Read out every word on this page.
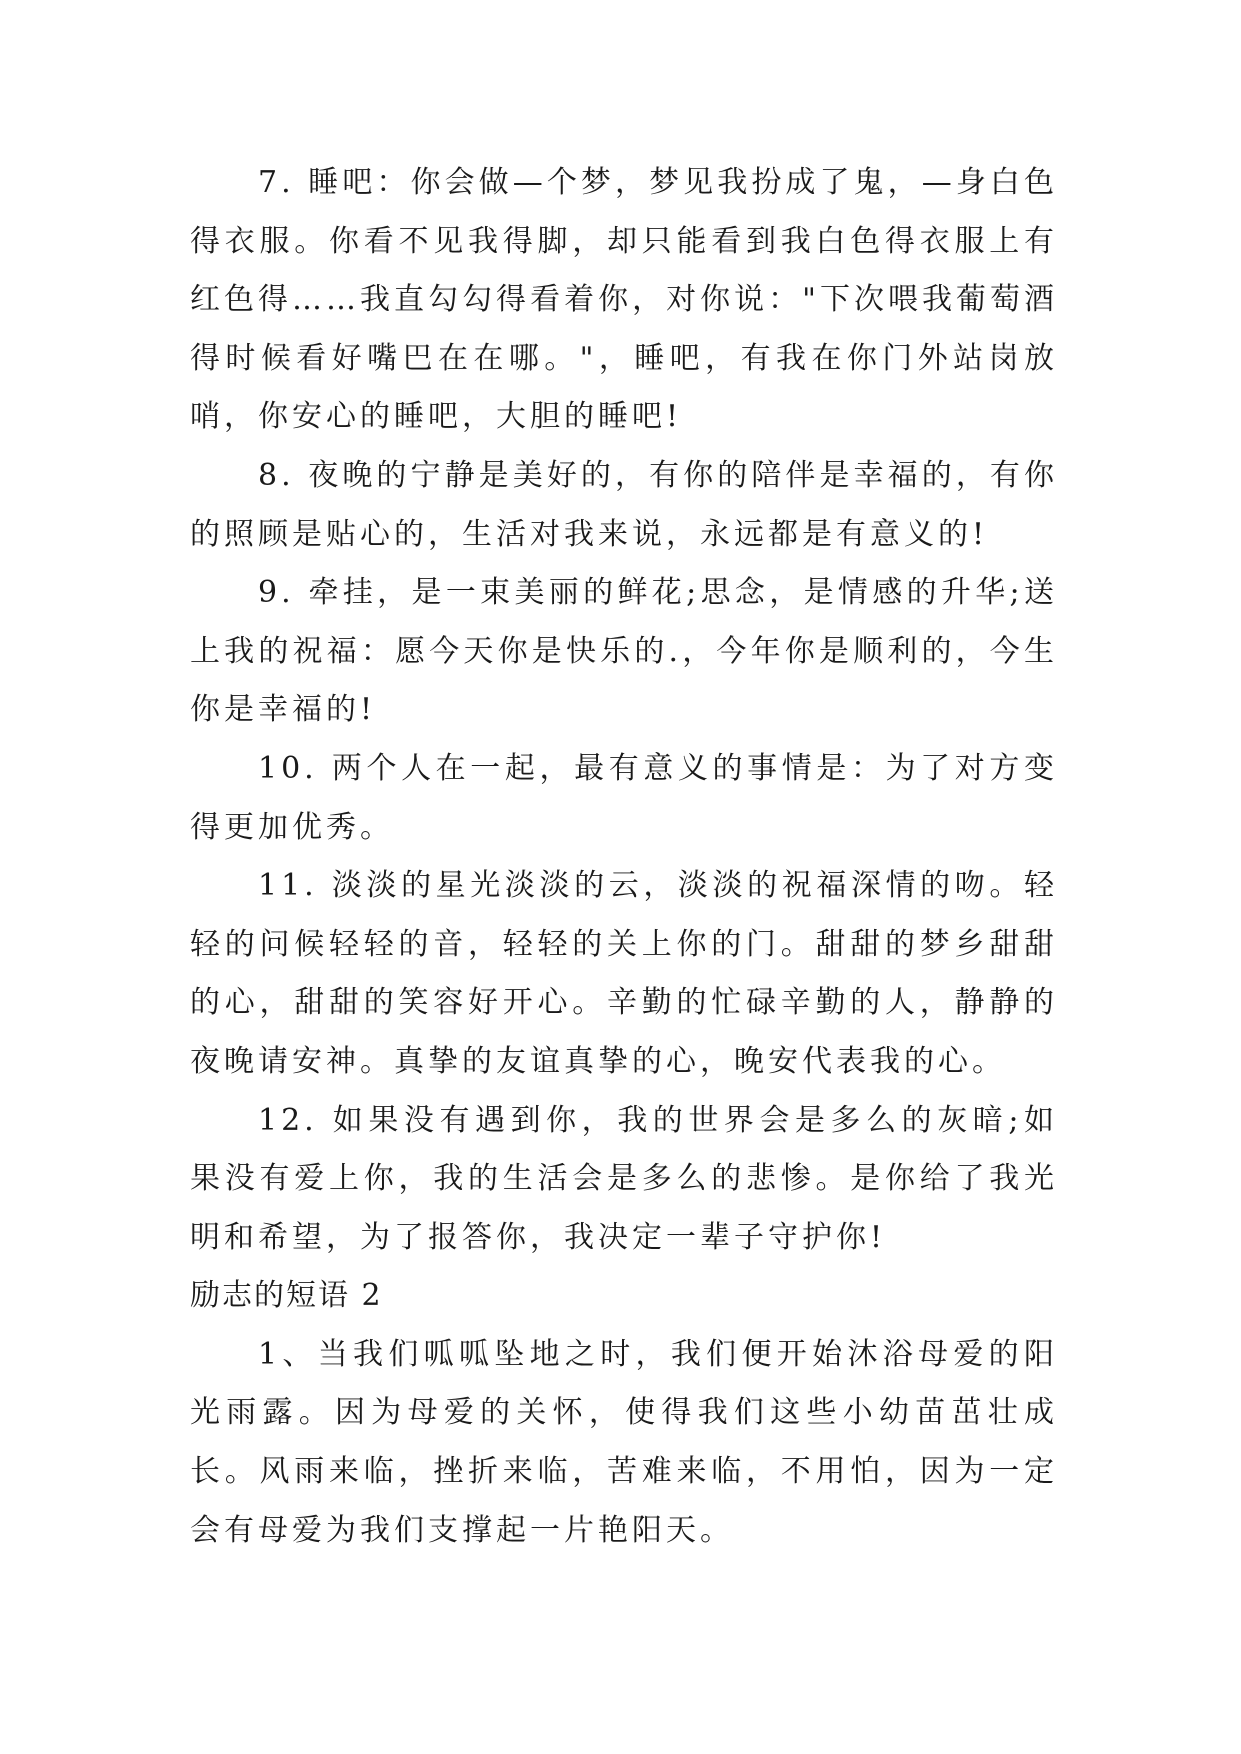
7. 睡吧：你会做—个梦，梦见我扮成了鬼，—身白色得衣服。你看不见我得脚，却只能看到我白色得衣服上有红色得……我直勾勾得看着你，对你说："下次喂我葡萄酒得时候看好嘴巴在在哪。"，睡吧，有我在你门外站岗放哨，你安心的睡吧，大胆的睡吧!

8. 夜晚的宁静是美好的，有你的陪伴是幸福的，有你的照顾是贴心的，生活对我来说，永远都是有意义的!

9. 牵挂，是一束美丽的鲜花;思念，是情感的升华;送上我的祝福：愿今天你是快乐的.，今年你是顺利的，今生你是幸福的!

10. 两个人在一起，最有意义的事情是：为了对方变得更加优秀。

11. 淡淡的星光淡淡的云，淡淡的祝福深情的吻。轻轻的问候轻轻的音，轻轻的关上你的门。甜甜的梦乡甜甜的心，甜甜的笑容好开心。辛勤的忙碌辛勤的人，静静的夜晚请安神。真挚的友谊真挚的心，晚安代表我的心。

12. 如果没有遇到你，我的世界会是多么的灰暗;如果没有爱上你，我的生活会是多么的悲惨。是你给了我光明和希望，为了报答你，我决定一辈子守护你!

励志的短语 2

1、当我们呱呱坠地之时，我们便开始沐浴母爱的阳光雨露。因为母爱的关怀，使得我们这些小幼苗茁壮成长。风雨来临，挫折来临，苦难来临，不用怕，因为一定会有母爱为我们支撑起一片艳阳天。
